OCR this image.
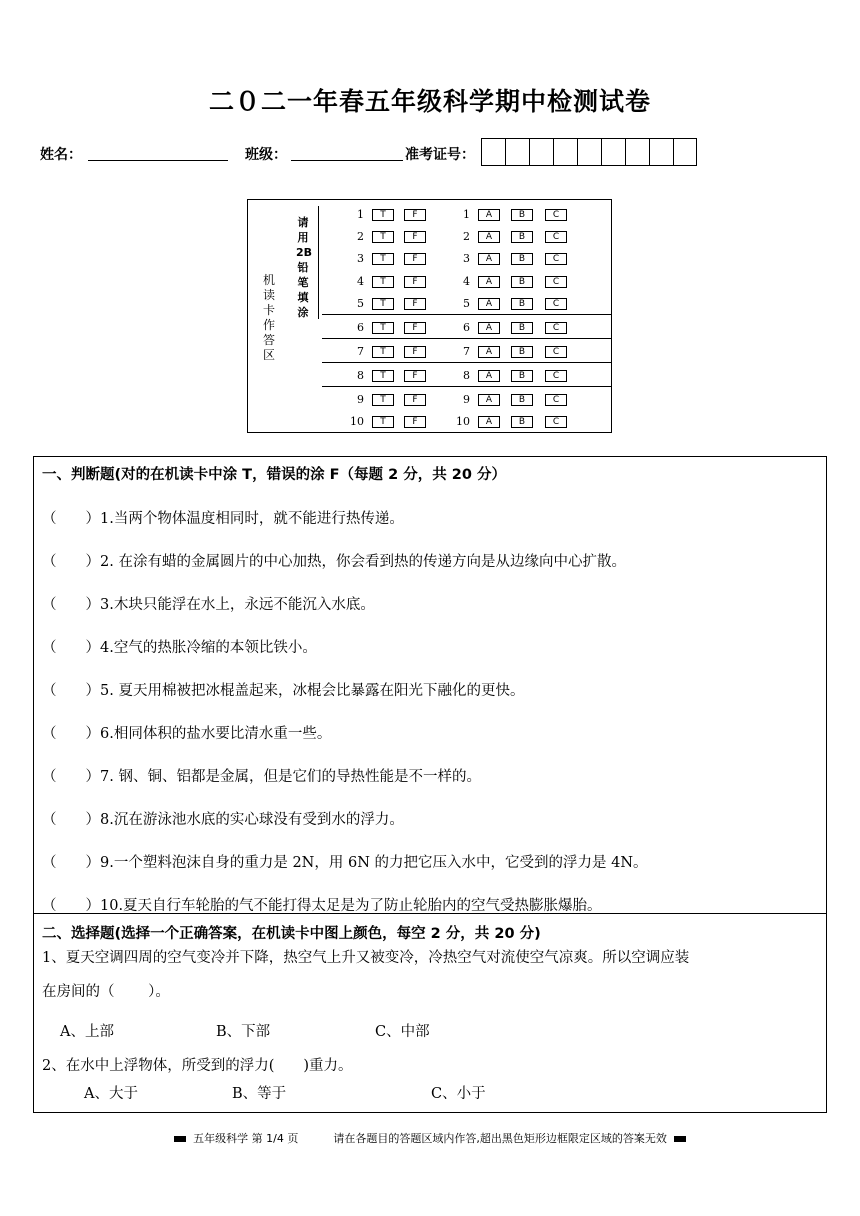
二０二一年春五年级科学期中检测试卷
姓名：	班级：	准考证号：
机读卡作答区
请用2B铅笔填涂
1	T	F	1	A	B	C
2	T	F	2	A	B	C
3	T	F	3	A	B	C
4	T	F	4	A	B	C
5	T	F	5	A	B	C
6	T	F	6	A	B	C
7	T	F	7	A	B	C
8	T	F	8	A	B	C
9	T	F	9	A	B	C
10	T	F	10	A	B	C
一、判断题(对的在机读卡中涂 T，错误的涂 F（每题 2 分，共 20 分）
（　　）1.当两个物体温度相同时，就不能进行热传递。
（　　）2. 在涂有蜡的金属圆片的中心加热，你会看到热的传递方向是从边缘向中心扩散。
（　　）3.木块只能浮在水上，永远不能沉入水底。
（　　）4.空气的热胀冷缩的本领比铁小。
（　　）5. 夏天用棉被把冰棍盖起来，冰棍会比暴露在阳光下融化的更快。
（　　）6.相同体积的盐水要比清水重一些。
（　　）7. 钢、铜、铝都是金属，但是它们的导热性能是不一样的。
（　　）8.沉在游泳池水底的实心球没有受到水的浮力。
（　　）9.一个塑料泡沫自身的重力是 2N，用 6N 的力把它压入水中，它受到的浮力是 4N。
（　　）10.夏天自行车轮胎的气不能打得太足是为了防止轮胎内的空气受热膨胀爆胎。
二、选择题(选择一个正确答案，在机读卡中图上颜色，每空 2 分，共 20 分)
1、夏天空调四周的空气变冷并下降，热空气上升又被变冷，冷热空气对流使空气凉爽。所以空调应装
在房间的（　　 ）。
A、上部	B、下部	C、中部
2、在水中上浮物体，所受到的浮力(　　)重力。
A、大于	B、等于	C、小于
五年级科学 第 1/4 页	请在各题目的答题区域内作答,超出黑色矩形边框限定区域的答案无效
